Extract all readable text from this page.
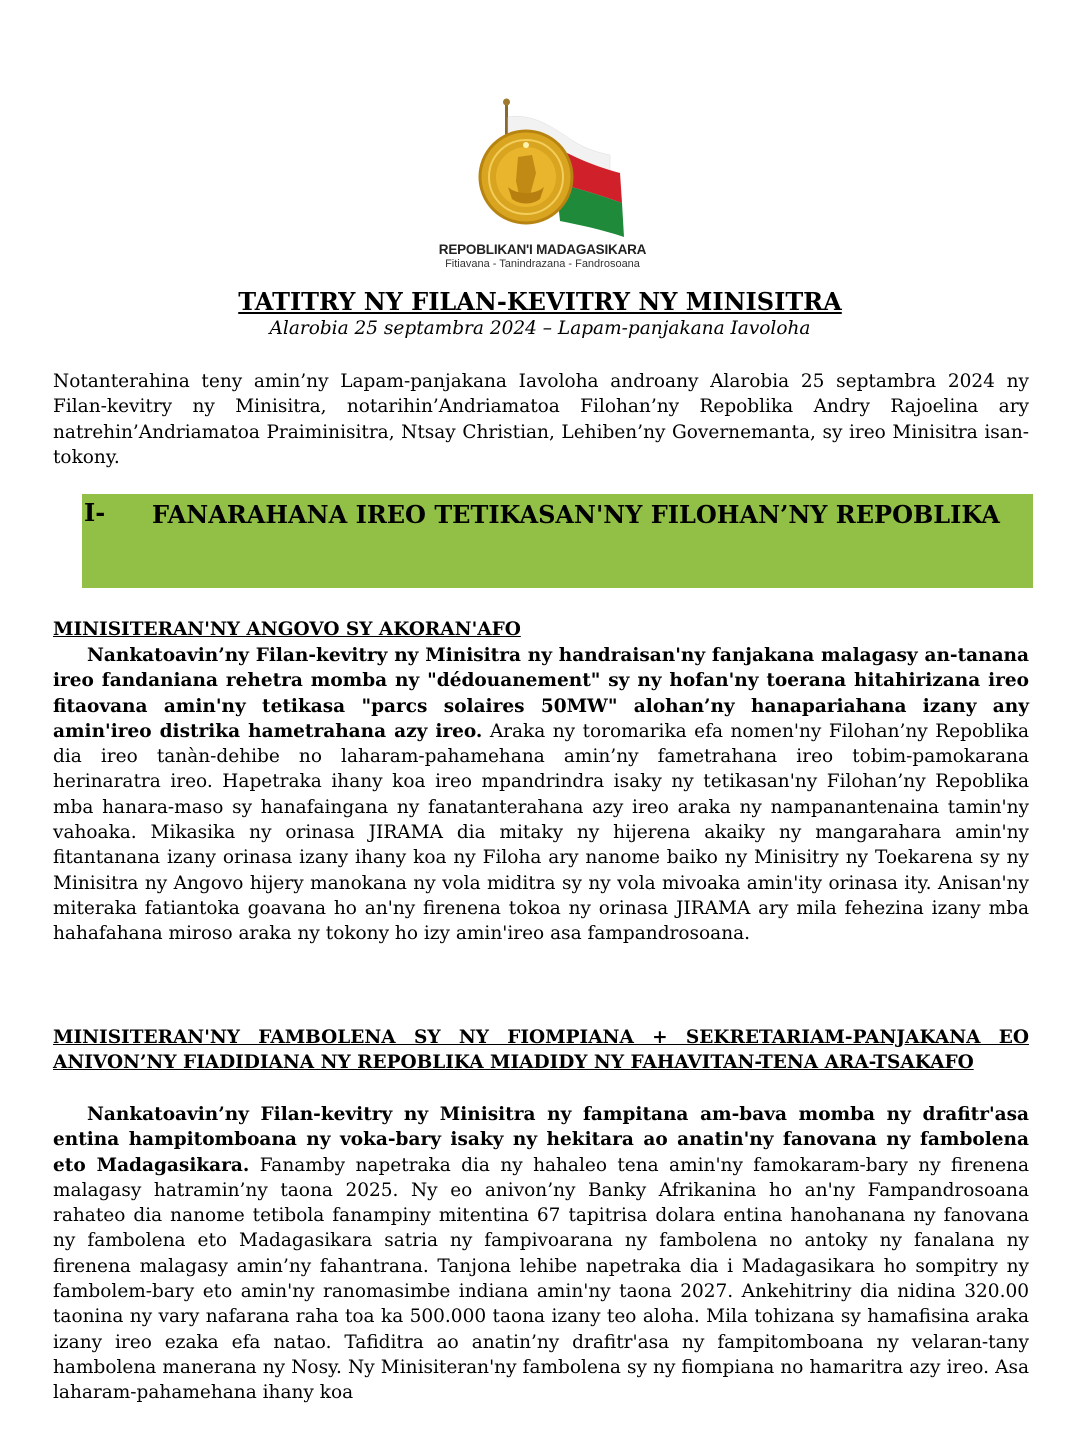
REPOBLIKAN'I MADAGASIKARA
Fitiavana - Tanindrazana - Fandrosoana
TATITRY NY FILAN-KEVITRY NY MINISITRA
Alarobia 25 septambra 2024 – Lapam-panjakana Iavoloha

Notanterahina teny amin’ny Lapam-panjakana Iavoloha androany Alarobia 25 septambra 2024 ny Filan-kevitry ny Minisitra, notarihin’Andriamatoa Filohan’ny Repoblika Andry Rajoelina ary natrehin’Andriamatoa Praiminisitra, Ntsay Christian, Lehiben’ny Governemanta, sy ireo Minisitra isan-tokony.

I- FANARAHANA IREO TETIKASAN'NY FILOHAN’NY REPOBLIKA
MINISITERAN'NY ANGOVO SY AKORAN'AFO

Nankatoavin’ny Filan-kevitry ny Minisitra ny handraisan'ny fanjakana malagasy an-tanana ireo fandaniana rehetra momba ny "dédouanement" sy ny hofan'ny toerana hitahirizana ireo fitaovana amin'ny tetikasa "parcs solaires 50MW" alohan’ny hanapariahana izany any amin'ireo distrika hametrahana azy ireo. Araka ny toromarika efa nomen'ny Filohan’ny Repoblika dia ireo tanàn-dehibe no laharam-pahamehana amin’ny fametrahana ireo tobim-pamokarana herinaratra ireo. Hapetraka ihany koa ireo mpandrindra isaky ny tetikasan'ny Filohan’ny Repoblika mba hanara-maso sy hanafaingana ny fanatanterahana azy ireo araka ny nampanantenaina tamin'ny vahoaka. Mikasika ny orinasa JIRAMA dia mitaky ny hijerena akaiky ny mangarahara amin'ny fitantanana izany orinasa izany ihany koa ny Filoha ary nanome baiko ny Minisitry ny Toekarena sy ny Minisitra ny Angovo hijery manokana ny vola miditra sy ny vola mivoaka amin'ity orinasa ity. Anisan'ny miteraka fatiantoka goavana ho an'ny firenena tokoa ny orinasa JIRAMA ary mila fehezina izany mba hahafahana miroso araka ny tokony ho izy amin'ireo asa fampandrosoana.

MINISITERAN'NY FAMBOLENA SY NY FIOMPIANA + SEKRETARIAM-PANJAKANA EO ANIVON’NY FIADIDIANA NY REPOBLIKA MIADIDY NY FAHAVITAN-TENA ARA-TSAKAFO

Nankatoavin’ny Filan-kevitry ny Minisitra ny fampitana am-bava momba ny drafitr'asa entina hampitomboana ny voka-bary isaky ny hekitara ao anatin'ny fanovana ny fambolena eto Madagasikara. Fanamby napetraka dia ny hahaleo tena amin'ny famokaram-bary ny firenena malagasy hatramin’ny taona 2025. Ny eo anivon’ny Banky Afrikanina ho an'ny Fampandrosoana rahateo dia nanome tetibola fanampiny mitentina 67 tapitrisa dolara entina hanohanana ny fanovana ny fambolena eto Madagasikara satria ny fampivoarana ny fambolena no antoky ny fanalana ny firenena malagasy amin’ny fahantrana. Tanjona lehibe napetraka dia i Madagasikara ho sompitry ny fambolem-bary eto amin'ny ranomasimbe indiana amin'ny taona 2027. Ankehitriny dia nidina 320.00 taonina ny vary nafarana raha toa ka 500.000 taona izany teo aloha. Mila tohizana sy hamafisina araka izany ireo ezaka efa natao. Tafiditra ao anatin’ny drafitr'asa ny fampitomboana ny velaran-tany hambolena manerana ny Nosy. Ny Minisiteran'ny fambolena sy ny fiompiana no hamaritra azy ireo. Asa laharam-pahamehana ihany koa
